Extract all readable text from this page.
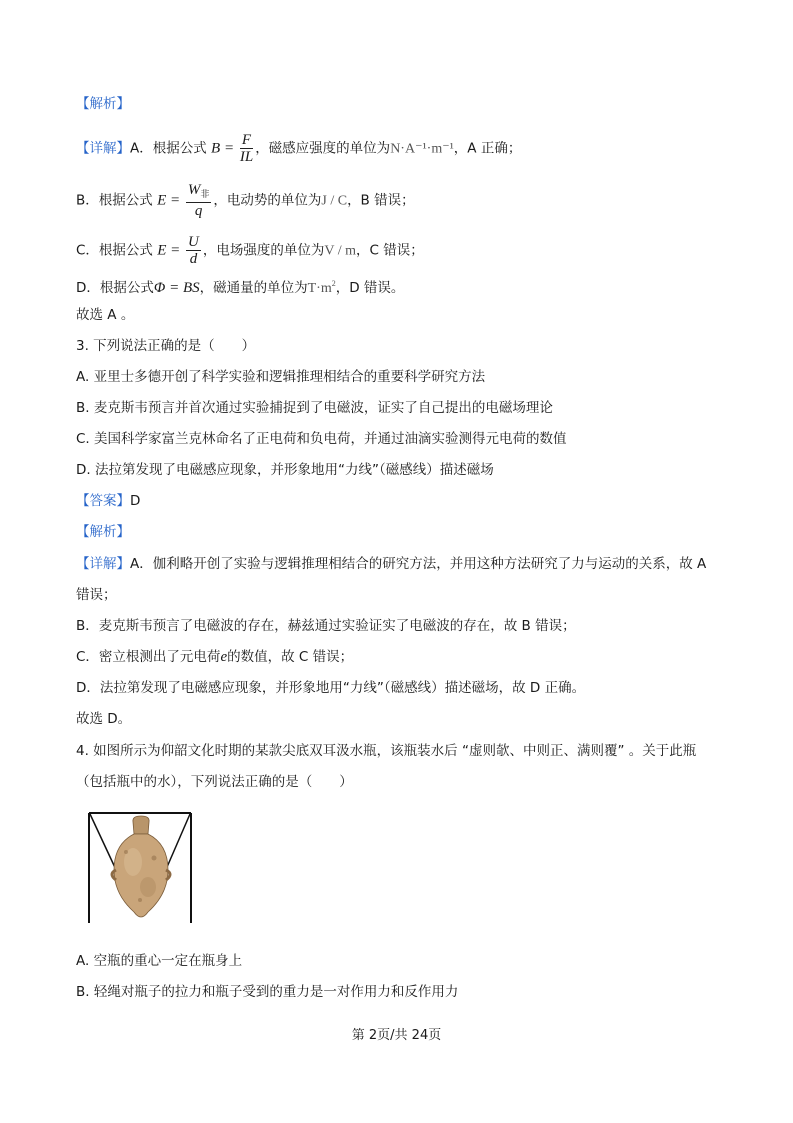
【解析】
【详解】A．根据公式 $B = \frac{F}{IL}$ ，磁感应强度的单位为N·A⁻¹·m⁻¹，A 正确；
B．根据公式 $E = \frac{W_非}{q}$ ，电动势的单位为J / C，B 错误；
C．根据公式 $E = \frac{U}{d}$ ，电场强度的单位为V / m，C 错误；
D．根据公式Φ = BS，磁通量的单位为$T\cdot m^2$，D 错误。
故选 A 。
3. 下列说法正确的是（　　）
A. 亚里士多德开创了科学实验和逻辑推理相结合的重要科学研究方法
B. 麦克斯韦预言并首次通过实验捕捉到了电磁波，证实了自己提出的电磁场理论
C. 美国科学家富兰克林命名了正电荷和负电荷，并通过油滴实验测得元电荷的数值
D. 法拉第发现了电磁感应现象，并形象地用“力线”（磁感线）描述磁场
【答案】D
【解析】
【详解】A．伽利略开创了实验与逻辑推理相结合的研究方法，并用这种方法研究了力与运动的关系，故 A
错误；
B．麦克斯韦预言了电磁波的存在，赫兹通过实验证实了电磁波的存在，故 B 错误；
C．密立根测出了元电荷e的数值，故 C 错误；
D．法拉第发现了电磁感应现象，并形象地用“力线”（磁感线）描述磁场，故 D 正确。
故选 D。
4. 如图所示为仰韶文化时期的某款尖底双耳汲水瓶，该瓶装水后 “虚则欹、中则正、满则覆” 。关于此瓶
（包括瓶中的水），下列说法正确的是（　　）
A. 空瓶的重心一定在瓶身上
B. 轻绳对瓶子的拉力和瓶子受到的重力是一对作用力和反作用力
第 2页/共 24页
